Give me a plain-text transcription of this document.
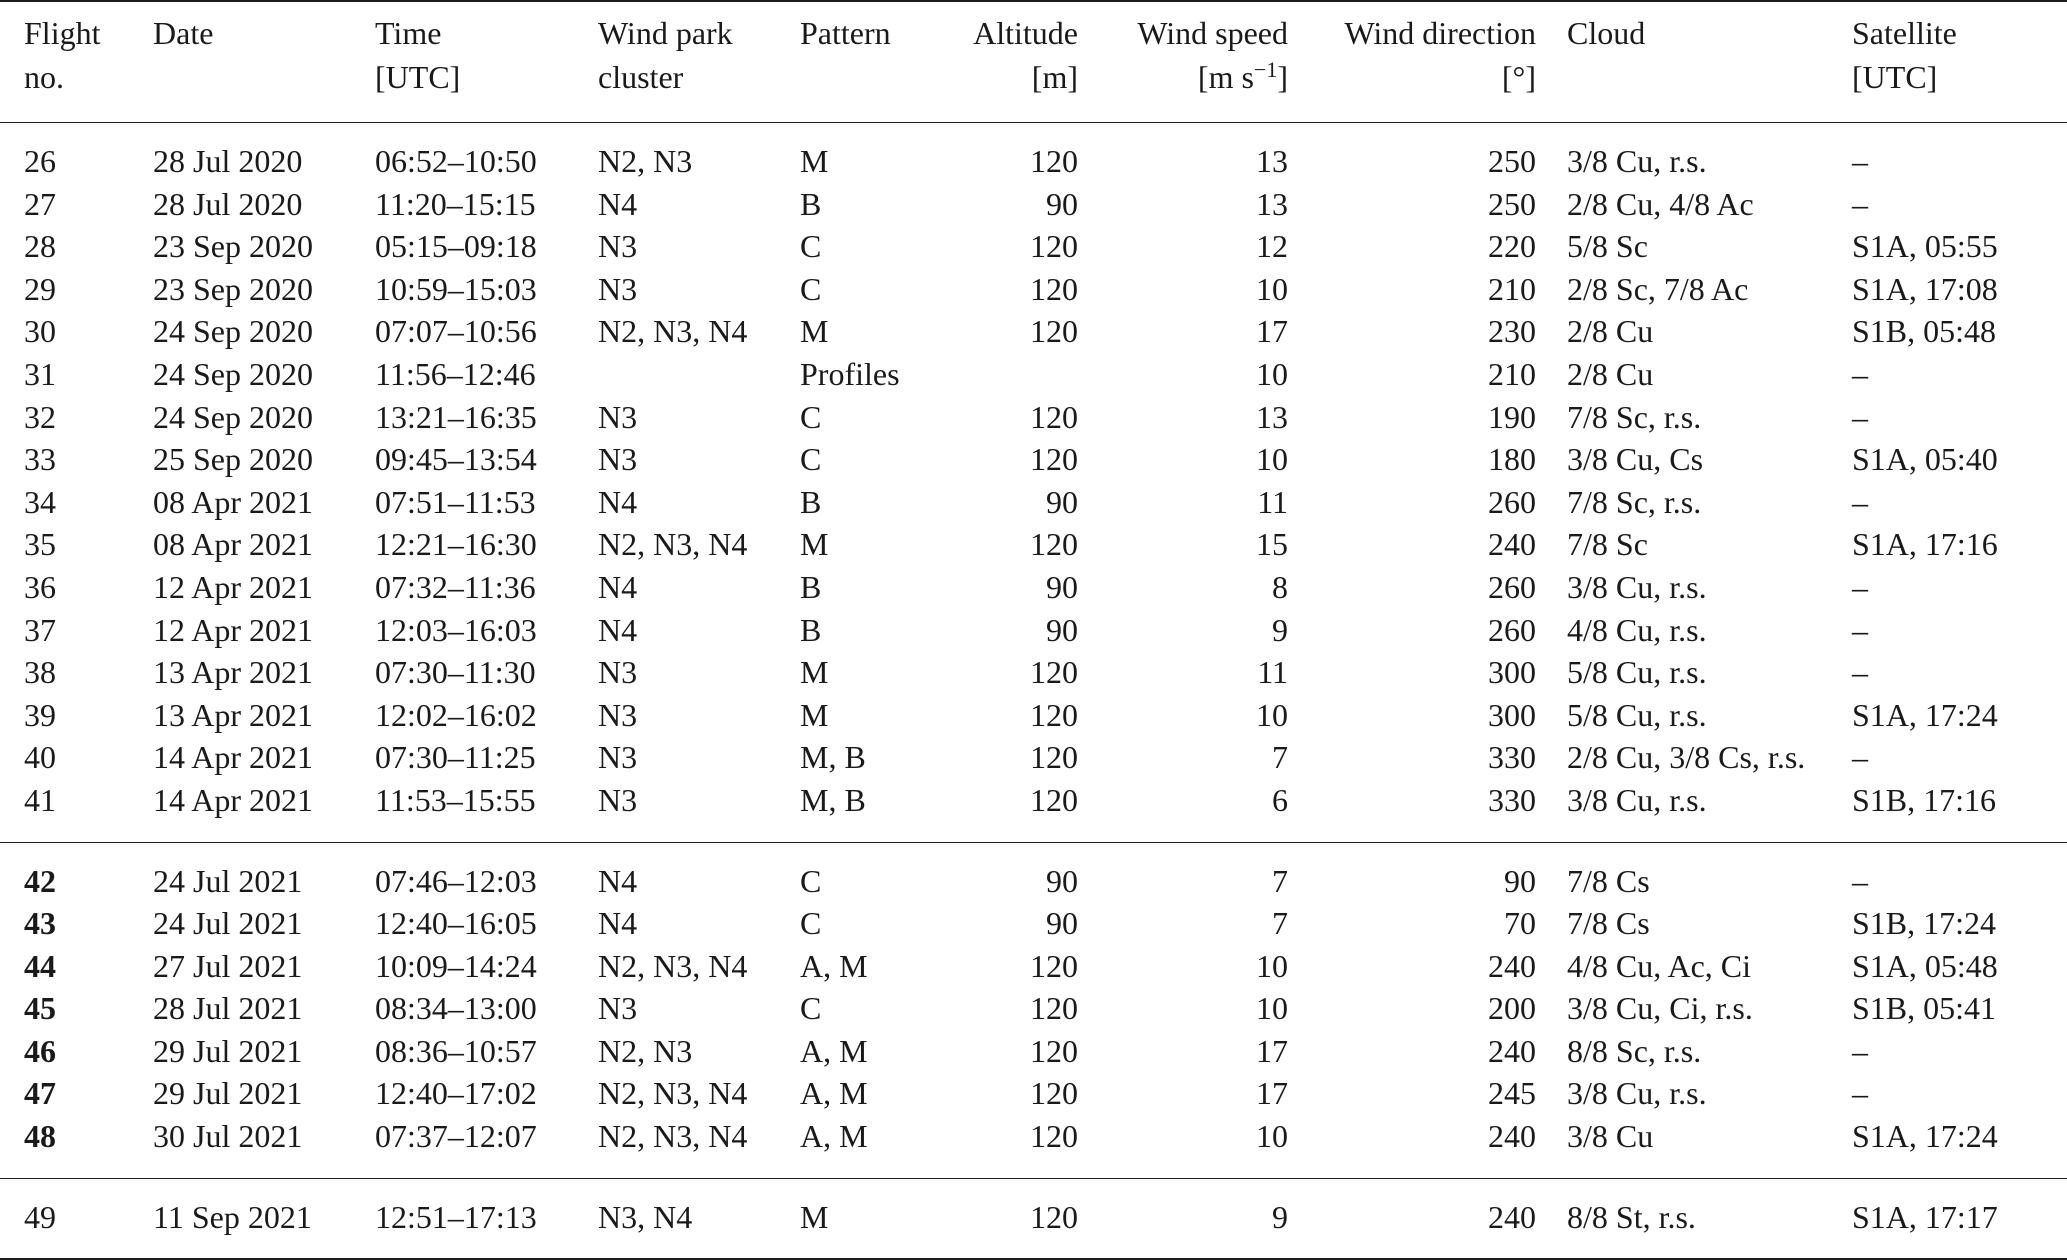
Flight	Date	Time	Wind park	Pattern	Altitude	Wind speed	Wind direction	Cloud	Satellite
no.		[UTC]	cluster		[m]	[m $s^{-1}$]	[°]		[UTC]
26	28 Jul 2020	06:52–10:50	N2, N3	M	120	13	250	3/8 Cu, r.s.	–
27	28 Jul 2020	11:20–15:15	N4	B	90	13	250	2/8 Cu, 4/8 Ac	–
28	23 Sep 2020	05:15–09:18	N3	C	120	12	220	5/8 Sc	S1A, 05:55
29	23 Sep 2020	10:59–15:03	N3	C	120	10	210	2/8 Sc, 7/8 Ac	S1A, 17:08
30	24 Sep 2020	07:07–10:56	N2, N3, N4	M	120	17	230	2/8 Cu	S1B, 05:48
31	24 Sep 2020	11:56–12:46		Profiles		10	210	2/8 Cu	–
32	24 Sep 2020	13:21–16:35	N3	C	120	13	190	7/8 Sc, r.s.	–
33	25 Sep 2020	09:45–13:54	N3	C	120	10	180	3/8 Cu, Cs	S1A, 05:40
34	08 Apr 2021	07:51–11:53	N4	B	90	11	260	7/8 Sc, r.s.	–
35	08 Apr 2021	12:21–16:30	N2, N3, N4	M	120	15	240	7/8 Sc	S1A, 17:16
36	12 Apr 2021	07:32–11:36	N4	B	90	8	260	3/8 Cu, r.s.	–
37	12 Apr 2021	12:03–16:03	N4	B	90	9	260	4/8 Cu, r.s.	–
38	13 Apr 2021	07:30–11:30	N3	M	120	11	300	5/8 Cu, r.s.	–
39	13 Apr 2021	12:02–16:02	N3	M	120	10	300	5/8 Cu, r.s.	S1A, 17:24
40	14 Apr 2021	07:30–11:25	N3	M, B	120	7	330	2/8 Cu, 3/8 Cs, r.s.	–
41	14 Apr 2021	11:53–15:55	N3	M, B	120	6	330	3/8 Cu, r.s.	S1B, 17:16
42	24 Jul 2021	07:46–12:03	N4	C	90	7	90	7/8 Cs	–
43	24 Jul 2021	12:40–16:05	N4	C	90	7	70	7/8 Cs	S1B, 17:24
44	27 Jul 2021	10:09–14:24	N2, N3, N4	A, M	120	10	240	4/8 Cu, Ac, Ci	S1A, 05:48
45	28 Jul 2021	08:34–13:00	N3	C	120	10	200	3/8 Cu, Ci, r.s.	S1B, 05:41
46	29 Jul 2021	08:36–10:57	N2, N3	A, M	120	17	240	8/8 Sc, r.s.	–
47	29 Jul 2021	12:40–17:02	N2, N3, N4	A, M	120	17	245	3/8 Cu, r.s.	–
48	30 Jul 2021	07:37–12:07	N2, N3, N4	A, M	120	10	240	3/8 Cu	S1A, 17:24
49	11 Sep 2021	12:51–17:13	N3, N4	M	120	9	240	8/8 St, r.s.	S1A, 17:17
